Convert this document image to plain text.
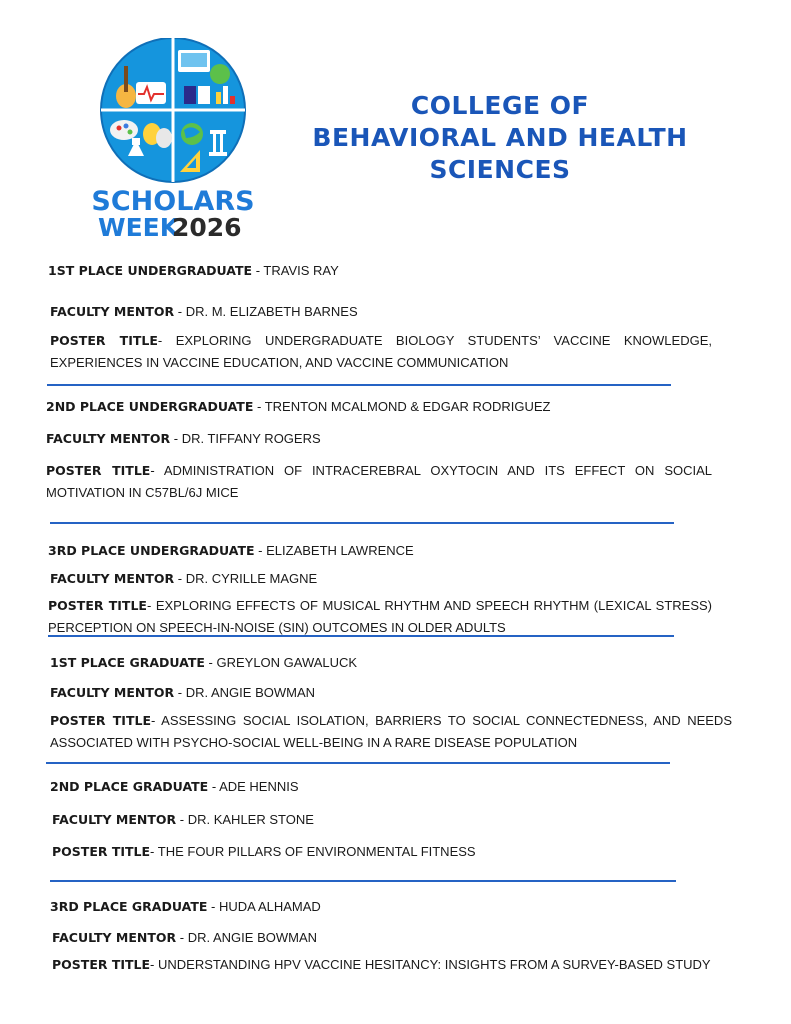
SCHOLARS
WEEK
2026
COLLEGE OF
BEHAVIORAL AND HEALTH
SCIENCES
1ST PLACE UNDERGRADUATE - TRAVIS RAY
FACULTY MENTOR - DR. M. ELIZABETH BARNES
POSTER TITLE- EXPLORING UNDERGRADUATE BIOLOGY STUDENTS’ VACCINE KNOWLEDGE, EXPERIENCES IN VACCINE EDUCATION, AND VACCINE COMMUNICATION
2ND PLACE UNDERGRADUATE - TRENTON MCALMOND & EDGAR RODRIGUEZ
FACULTY MENTOR - DR. TIFFANY ROGERS
POSTER TITLE- ADMINISTRATION OF INTRACEREBRAL OXYTOCIN AND ITS EFFECT ON SOCIAL MOTIVATION IN C57BL/6J MICE
3RD PLACE UNDERGRADUATE - ELIZABETH LAWRENCE
FACULTY MENTOR - DR. CYRILLE MAGNE
POSTER TITLE- EXPLORING EFFECTS OF MUSICAL RHYTHM AND SPEECH RHYTHM (LEXICAL STRESS) PERCEPTION ON SPEECH-IN-NOISE (SIN) OUTCOMES IN OLDER ADULTS
1ST PLACE GRADUATE - GREYLON GAWALUCK
FACULTY MENTOR - DR. ANGIE BOWMAN
POSTER TITLE- ASSESSING SOCIAL ISOLATION, BARRIERS TO SOCIAL CONNECTEDNESS, AND NEEDS ASSOCIATED WITH PSYCHO-SOCIAL WELL-BEING IN A RARE DISEASE POPULATION
2ND PLACE GRADUATE - ADE HENNIS
FACULTY MENTOR - DR. KAHLER STONE
POSTER TITLE- THE FOUR PILLARS OF ENVIRONMENTAL FITNESS
3RD PLACE GRADUATE - HUDA ALHAMAD
FACULTY MENTOR - DR. ANGIE BOWMAN
POSTER TITLE- UNDERSTANDING HPV VACCINE HESITANCY: INSIGHTS FROM A SURVEY-BASED STUDY
